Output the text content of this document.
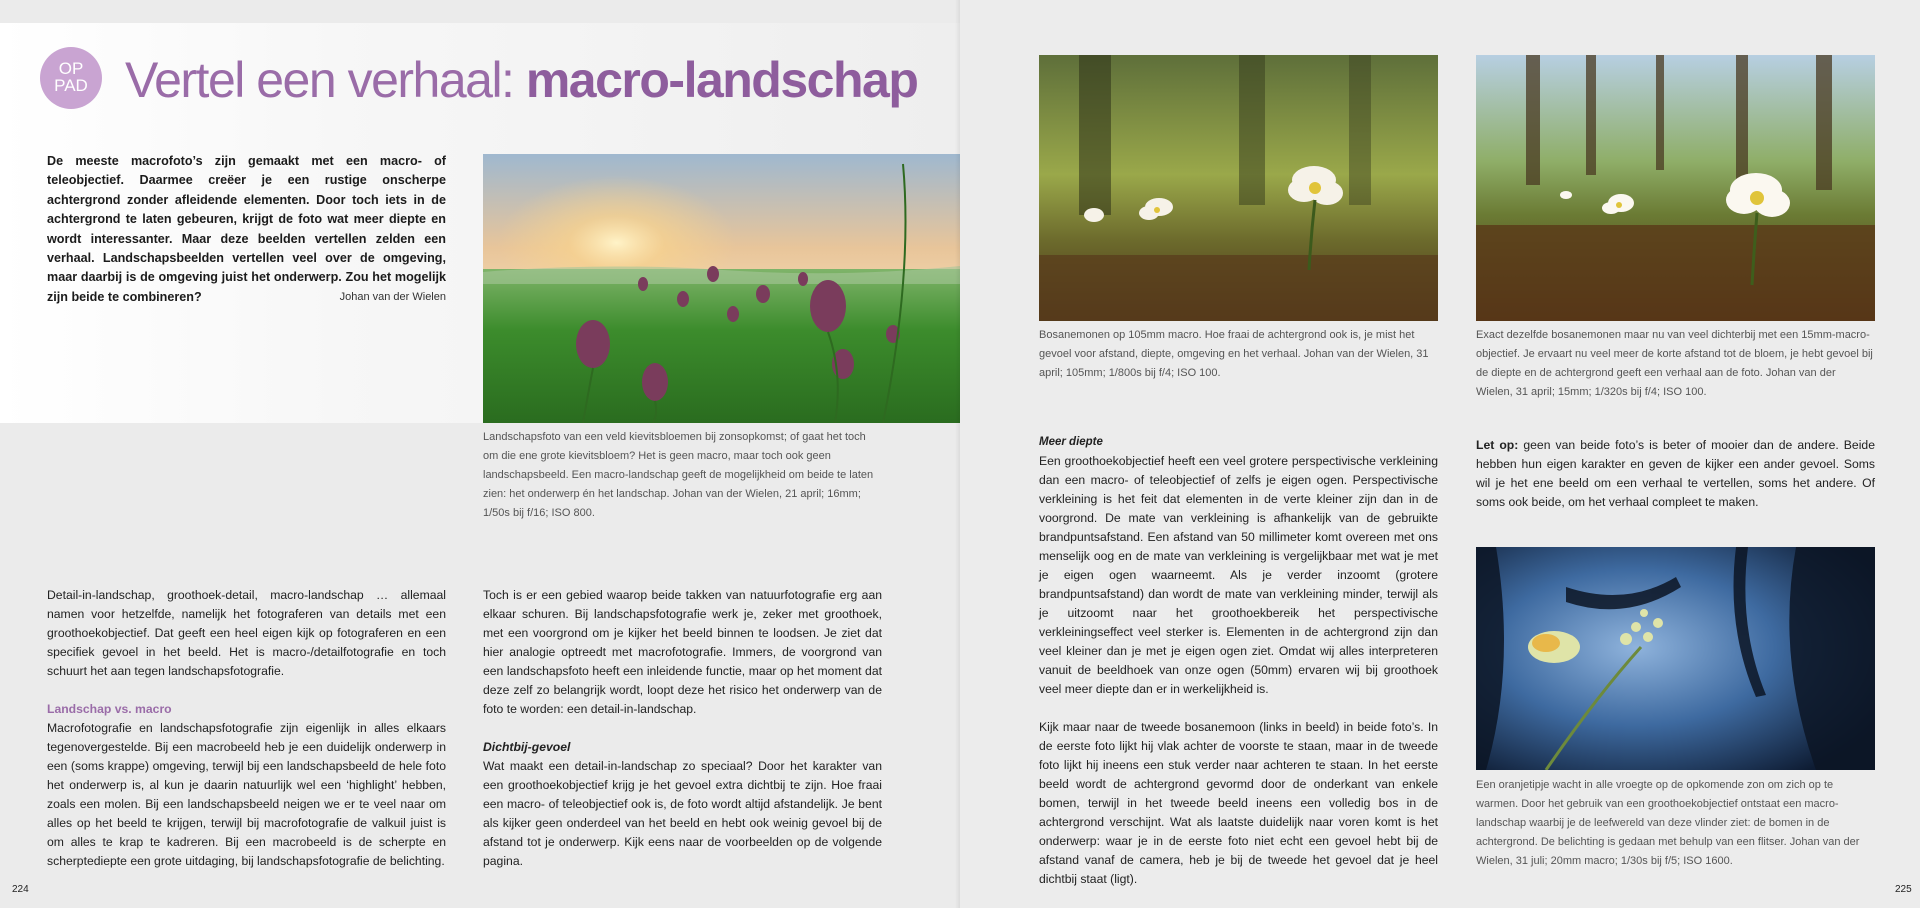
OP
PAD Vertel een verhaal: macro-landschap
De meeste macrofoto’s zijn gemaakt met een macro- of teleobjectief. Daarmee creëer je een rustige onscherpe achtergrond zonder afleidende elementen. Door toch iets in de achtergrond te laten gebeuren, krijgt de foto wat meer diepte en wordt interessanter. Maar deze beelden vertellen zelden een verhaal. Landschapsbeelden vertellen veel over de omgeving, maar daarbij is de omgeving juist het onderwerp. Zou het mogelijk zijn beide te combineren?	Johan van der Wielen
Landschapsfoto van een veld kievitsbloemen bij zonsopkomst; of gaat het toch om die ene grote kievitsbloem? Het is geen macro, maar toch ook geen landschapsbeeld. Een macro-landschap geeft de mogelijkheid om beide te laten zien: het onderwerp én het landschap. Johan van der Wielen, 21 april; 16mm; 1/50s bij f/16; ISO 800.

Detail-in-landschap, groothoek-detail, macro-landschap … allemaal namen voor hetzelfde, namelijk het fotograferen van details met een groothoekobjectief. Dat geeft een heel eigen kijk op fotograferen en een specifiek gevoel in het beeld. Het is macro-/detailfotografie en toch schuurt het aan tegen landschapsfotografie.

Landschap vs. macro

Macrofotografie en landschapsfotografie zijn eigenlijk in alles elkaars tegenovergestelde. Bij een macrobeeld heb je een duidelijk onderwerp in een (soms krappe) omgeving, terwijl bij een landschapsbeeld de hele foto het onderwerp is, al kun je daarin natuurlijk wel een ‘highlight’ hebben, zoals een molen. Bij een landschapsbeeld neigen we er te veel naar om alles op het beeld te krijgen, terwijl bij macrofotografie de valkuil juist is om alles te krap te kadreren. Bij een macrobeeld is de scherpte en scherptediepte een grote uitdaging, bij landschapsfotografie de belichting.

Toch is er een gebied waarop beide takken van natuurfotografie erg aan elkaar schuren. Bij landschapsfotografie werk je, zeker met groothoek, met een voorgrond om je kijker het beeld binnen te loodsen. Je ziet dat hier analogie optreedt met macrofotografie. Immers, de voorgrond van een landschapsfoto heeft een inleidende functie, maar op het moment dat deze zelf zo belangrijk wordt, loopt deze het risico het onderwerp van de foto te worden: een detail-in-landschap.

Dichtbij-gevoel

Wat maakt een detail-in-landschap zo speciaal? Door het karakter van een groothoekobjectief krijg je het gevoel extra dichtbij te zijn. Hoe fraai een macro- of teleobjectief ook is, de foto wordt altijd afstandelijk. Je bent als kijker geen onderdeel van het beeld en hebt ook weinig gevoel bij de afstand tot je onderwerp. Kijk eens naar de voorbeelden op de volgende pagina.

224
Bosanemonen op 105mm macro. Hoe fraai de achtergrond ook is, je mist het gevoel voor afstand, diepte, omgeving en het verhaal. Johan van der Wielen, 31 april; 105mm; 1/800s bij f/4; ISO 100.
Exact dezelfde bosanemonen maar nu van veel dichterbij met een 15mm-macro-objectief. Je ervaart nu veel meer de korte afstand tot de bloem, je hebt gevoel bij de diepte en de achtergrond geeft een verhaal aan de foto. Johan van der Wielen, 31 april; 15mm; 1/320s bij f/4; ISO 100.

Meer diepte

Een groothoekobjectief heeft een veel grotere perspectivische verkleining dan een macro- of teleobjectief of zelfs je eigen ogen. Perspectivische verkleining is het feit dat elementen in de verte kleiner zijn dan in de voorgrond. De mate van verkleining is afhankelijk van de gebruikte brandpuntsafstand. Een afstand van 50 millimeter komt overeen met ons menselijk oog en de mate van verkleining is vergelijkbaar met wat je met je eigen ogen waarneemt. Als je verder inzoomt (grotere brandpuntsafstand) dan wordt de mate van verkleining minder, terwijl als je uitzoomt naar het groothoekbereik het perspectivische verkleiningseffect veel sterker is. Elementen in de achtergrond zijn dan veel kleiner dan je met je eigen ogen ziet. Omdat wij alles interpreteren vanuit de beeldhoek van onze ogen (50mm) ervaren wij bij groothoek veel meer diepte dan er in werkelijkheid is.

Kijk maar naar de tweede bosanemoon (links in beeld) in beide foto’s. In de eerste foto lijkt hij vlak achter de voorste te staan, maar in de tweede foto lijkt hij ineens een stuk verder naar achteren te staan. In het eerste beeld wordt de achtergrond gevormd door de onderkant van enkele bomen, terwijl in het tweede beeld ineens een volledig bos in de achtergrond verschijnt. Wat als laatste duidelijk naar voren komt is het onderwerp: waar je in de eerste foto niet echt een gevoel hebt bij de afstand vanaf de camera, heb je bij de tweede het gevoel dat je heel dichtbij staat (ligt).

Let op: geen van beide foto’s is beter of mooier dan de andere. Beide hebben hun eigen karakter en geven de kijker een ander gevoel. Soms wil je het ene beeld om een verhaal te vertellen, soms het andere. Of soms ook beide, om het verhaal compleet te maken.

Een oranjetipje wacht in alle vroegte op de opkomende zon om zich op te warmen. Door het gebruik van een groothoekobjectief ontstaat een macro-landschap waarbij je de leefwereld van deze vlinder ziet: de bomen in de achtergrond. De belichting is gedaan met behulp van een flitser. Johan van der Wielen, 31 juli; 20mm macro; 1/30s bij f/5; ISO 1600.
225
